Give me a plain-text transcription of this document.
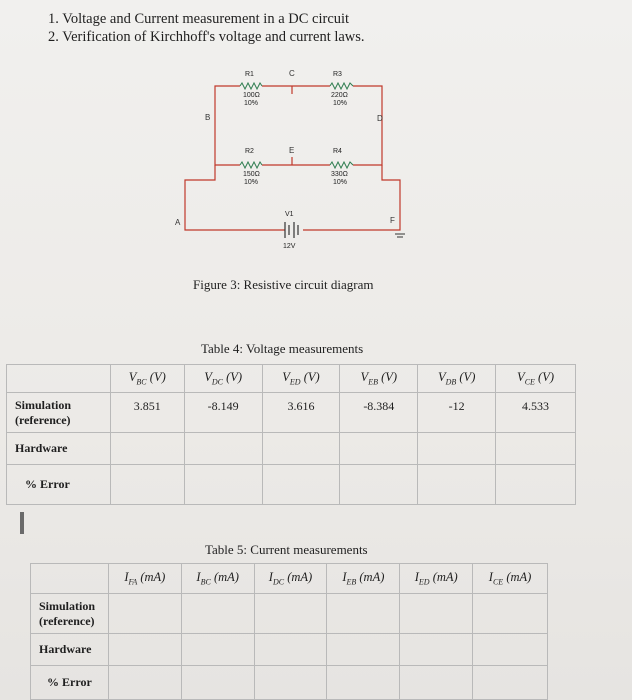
1. Voltage and Current measurement in a DC circuit
2. Verification of Kirchhoff's voltage and current laws.
R1
100Ω
10%
R3
220Ω
10%
R2
150Ω
10%
R4
330Ω
10%
V1
12V
A
B
C
D
E
F
Figure 3: Resistive circuit diagram
Table 4: Voltage measurements
	$V_{BC}$ (V)	$V_{DC}$ (V)	$V_{ED}$ (V)	$V_{EB}$ (V)	$V_{DB}$ (V)	$V_{CE}$ (V)
Simulation (reference)	3.851	-8.149	3.616	-8.384	-12	4.533
Hardware						
% Error						
Table 5: Current measurements
	$I_{FA}$ (mA)	$I_{BC}$ (mA)	$I_{DC}$ (mA)	$I_{EB}$ (mA)	$I_{ED}$ (mA)	$I_{CE}$ (mA)
Simulation (reference)						
Hardware						
% Error						
